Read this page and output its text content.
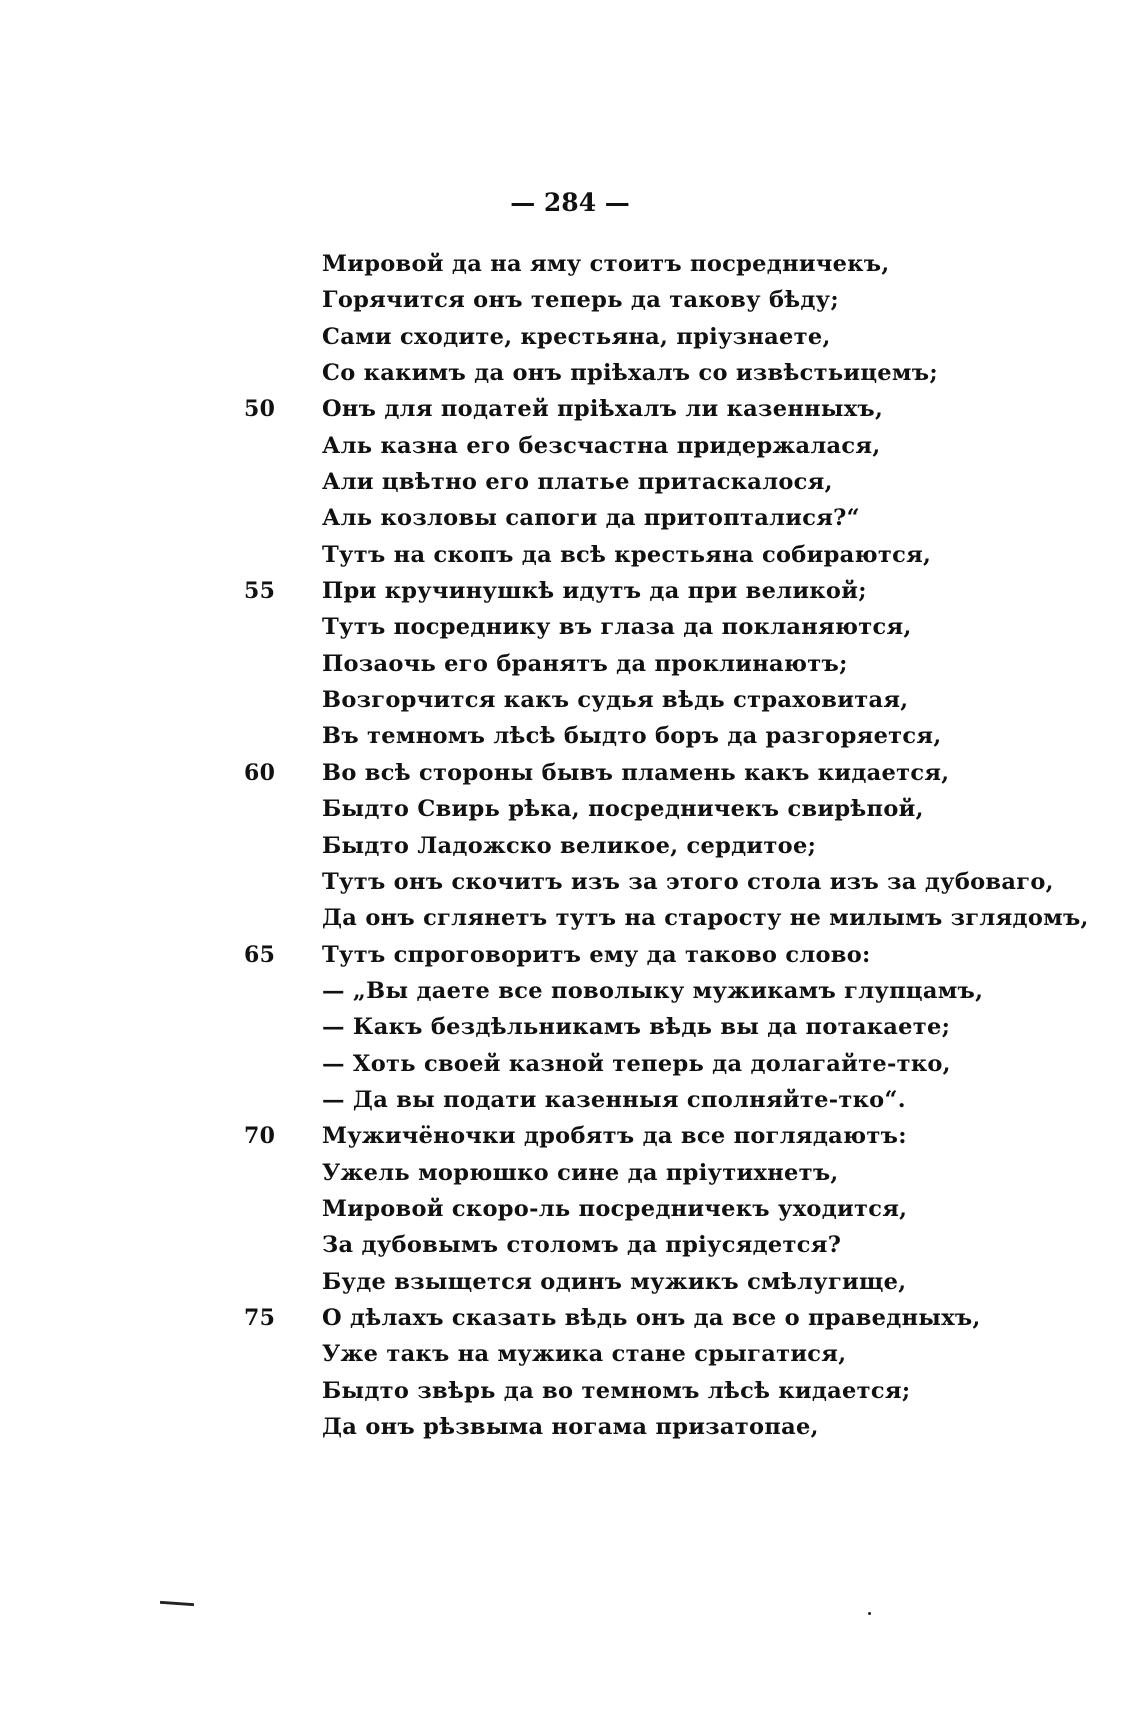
— 284 —
Мировой да на яму стоитъ посредничекъ,
Горячится онъ теперь да такову бѣду;
Сами сходите, крестьяна, пріузнаете,
Со какимъ да онъ пріѣхалъ со извѣстьицемъ;
50 Онъ для податей пріѣхалъ ли казенныхъ,
Аль казна его безсчастна придержалася,
Али цвѣтно его платье притаскалося,
Аль козловы сапоги да притопталися?“
Тутъ на скопъ да всѣ крестьяна собираются,
55 При кручинушкѣ идутъ да при великой;
Тутъ посреднику въ глаза да покланяются,
Позаочь его бранятъ да проклинаютъ;
Возгорчится какъ судья вѣдь страховитая,
Въ темномъ лѣсѣ быдто боръ да разгоряется,
60 Во всѣ стороны бывъ пламень какъ кидается,
Быдто Свирь рѣка, посредничекъ свирѣпой,
Быдто Ладожско великое, сердитое;
Тутъ онъ скочитъ изъ за этого стола изъ за дубоваго,
Да онъ сглянетъ тутъ на старосту не милымъ зглядомъ,
65 Тутъ спроговоритъ ему да таково слово:
— „Вы даете все поволыку мужикамъ глупцамъ,
— Какъ бездѣльникамъ вѣдь вы да потакаете;
— Хоть своей казной теперь да долагайте-тко,
— Да вы подати казенныя сполняйте-тко“.
70 Мужичёночки дробятъ да все поглядаютъ:
Ужель морюшко сине да пріутихнетъ,
Мировой скоро-ль посредничекъ уходится,
За дубовымъ столомъ да пріусядется?
Буде взыщется одинъ мужикъ смѣлугище,
75 О дѣлахъ сказать вѣдь онъ да все о праведныхъ,
Уже такъ на мужика стане срыгатися,
Быдто звѣрь да во темномъ лѣсѣ кидается;
Да онъ рѣзвыма ногама призатопае,
